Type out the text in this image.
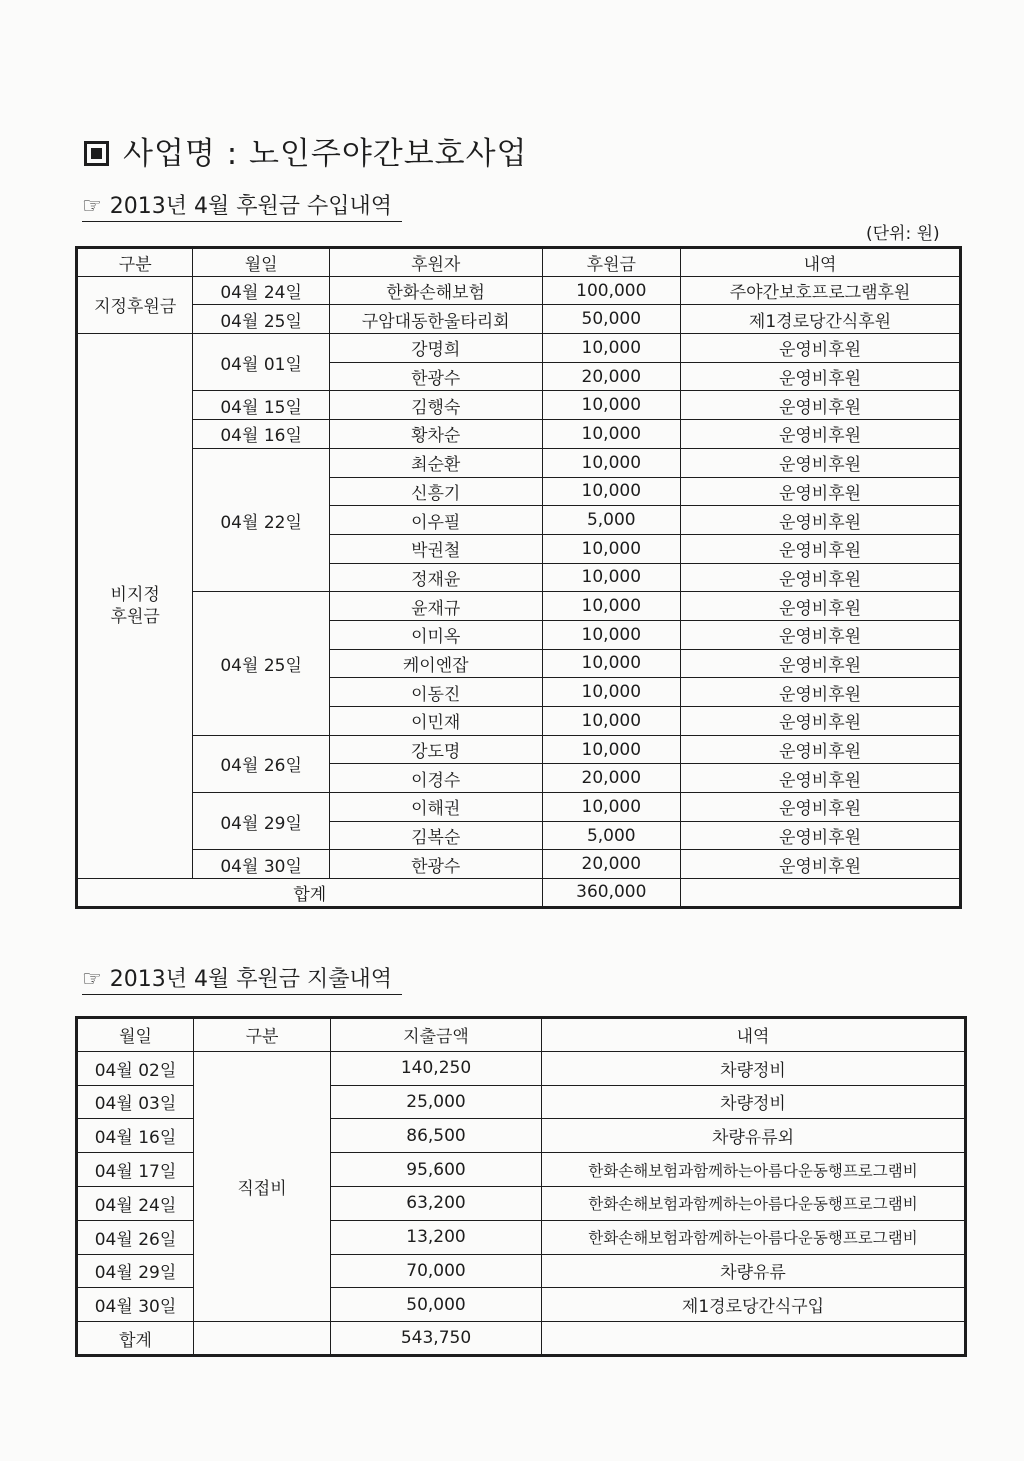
사업명 : 노인주야간보호사업
☞ 2013년 4월 후원금 수입내역
(단위: 원)
구분	월일	후원자	후원금	내역
지정후원금	04월 24일	한화손해보험	100,000	주야간보호프로그램후원
	04월 25일	구암대동한울타리회	50,000	제1경로당간식후원
비지정
후원금	04월 01일	강명희	10,000	운영비후원
		한광수	20,000	운영비후원
	04월 15일	김행숙	10,000	운영비후원
	04월 16일	황차순	10,000	운영비후원
	04월 22일	최순환	10,000	운영비후원
		신흥기	10,000	운영비후원
		이우필	5,000	운영비후원
		박권철	10,000	운영비후원
		정재윤	10,000	운영비후원
	04월 25일	윤재규	10,000	운영비후원
		이미옥	10,000	운영비후원
		케이엔잡	10,000	운영비후원
		이동진	10,000	운영비후원
		이민재	10,000	운영비후원
	04월 26일	강도명	10,000	운영비후원
		이경수	20,000	운영비후원
	04월 29일	이해권	10,000	운영비후원
		김복순	5,000	운영비후원
	04월 30일	한광수	20,000	운영비후원
합계			360,000	
☞ 2013년 4월 후원금 지출내역
월일	구분	지출금액	내역
04월 02일	직접비	140,250	차량정비
04월 03일		25,000	차량정비
04월 16일		86,500	차량유류외
04월 17일		95,600	한화손해보험과함께하는아름다운동행프로그램비
04월 24일		63,200	한화손해보험과함께하는아름다운동행프로그램비
04월 26일		13,200	한화손해보험과함께하는아름다운동행프로그램비
04월 29일		70,000	차량유류
04월 30일		50,000	제1경로당간식구입
합계		543,750	
